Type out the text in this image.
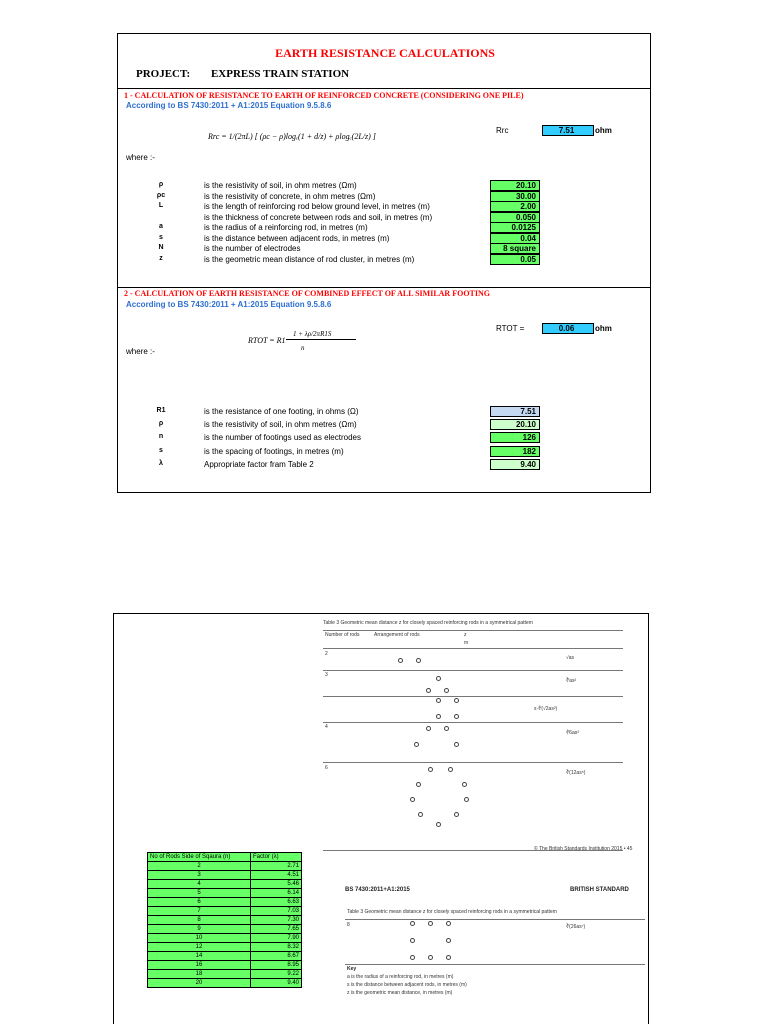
EARTH RESISTANCE CALCULATIONS
PROJECT: EXPRESS TRAIN STATION
1 - CALCULATION OF RESISTANCE TO EARTH OF REINFORCED CONCRETE (CONSIDERING ONE PILE)
According to BS 7430:2011 + A1:2015 Equation 9.5.8.6
Rrc = 1/(2πL) [ (ρc − ρ)logₑ(1 + d/z) + ρlogₑ(2L/z) ]
Rrc	7.51	ohm
where :-
ρ	is the resistivity of soil, in ohm metres (Ωm)	20.10
ρc	is the resistivity of concrete, in ohm metres (Ωm)	30.00
L	is the length of reinforcing rod below ground level, in metres (m)	2.00
is the thickness of concrete between rods and soil, in metres (m)	0.050
a	is the radius of a reinforcing rod, in metres (m)	0.0125
s	is the distance between adjacent rods, in metres (m)	0.04
N	is the number of electrodes	8 square
z	is the geometric mean distance of rod cluster, in metres (m)	0.05
2 - CALCULATION OF EARTH RESISTANCE OF COMBINED EFFECT OF ALL SIMILAR FOOTING
According to BS 7430:2011 + A1:2015 Equation 9.5.8.6
1 + λρ/2πR1S
RTOT = R1
n
RTOT =	0.06	ohm
where :-
R1	is the resistance of one footing, in ohms (Ω)	7.51
ρ	is the resistivity of soil, in ohm metres (Ωm)	20.10
n	is the number of footings used as electrodes	126
s	is the spacing of footings, in metres (m)	182
λ	Appropriate factor fram Table 2	9.40
Table 3 Geometric mean distance z for closely spaced reinforcing rods in a symmetrical pattern
Number of rods	Arrangement of rods	z
m
2
√as
3
∛as²
s·∜(√2as²)
4
∜6as³
6
∛(12as⁵)
© The British Standards Institution 2015 • 45
BS 7430:2011+A1:2015	BRITISH STANDARD
Table 3 Geometric mean distance z for closely spaced reinforcing rods in a symmetrical pattern
8	∛(26as⁷)
Key
a is the radius of a reinforcing rod, in metres (m)
s is the distance between adjacent rods, in metres (m)
z is the geometric mean distance, in metres (m)
No of Rods Side of Sqaura (n)	Factor (λ)
2	2.71
3	4.51
4	5.46
5	6.14
6	6.63
7	7.03
8	7.30
9	7.65
10	7.90
12	8.32
14	8.67
16	8.95
18	9.22
20	9.40
